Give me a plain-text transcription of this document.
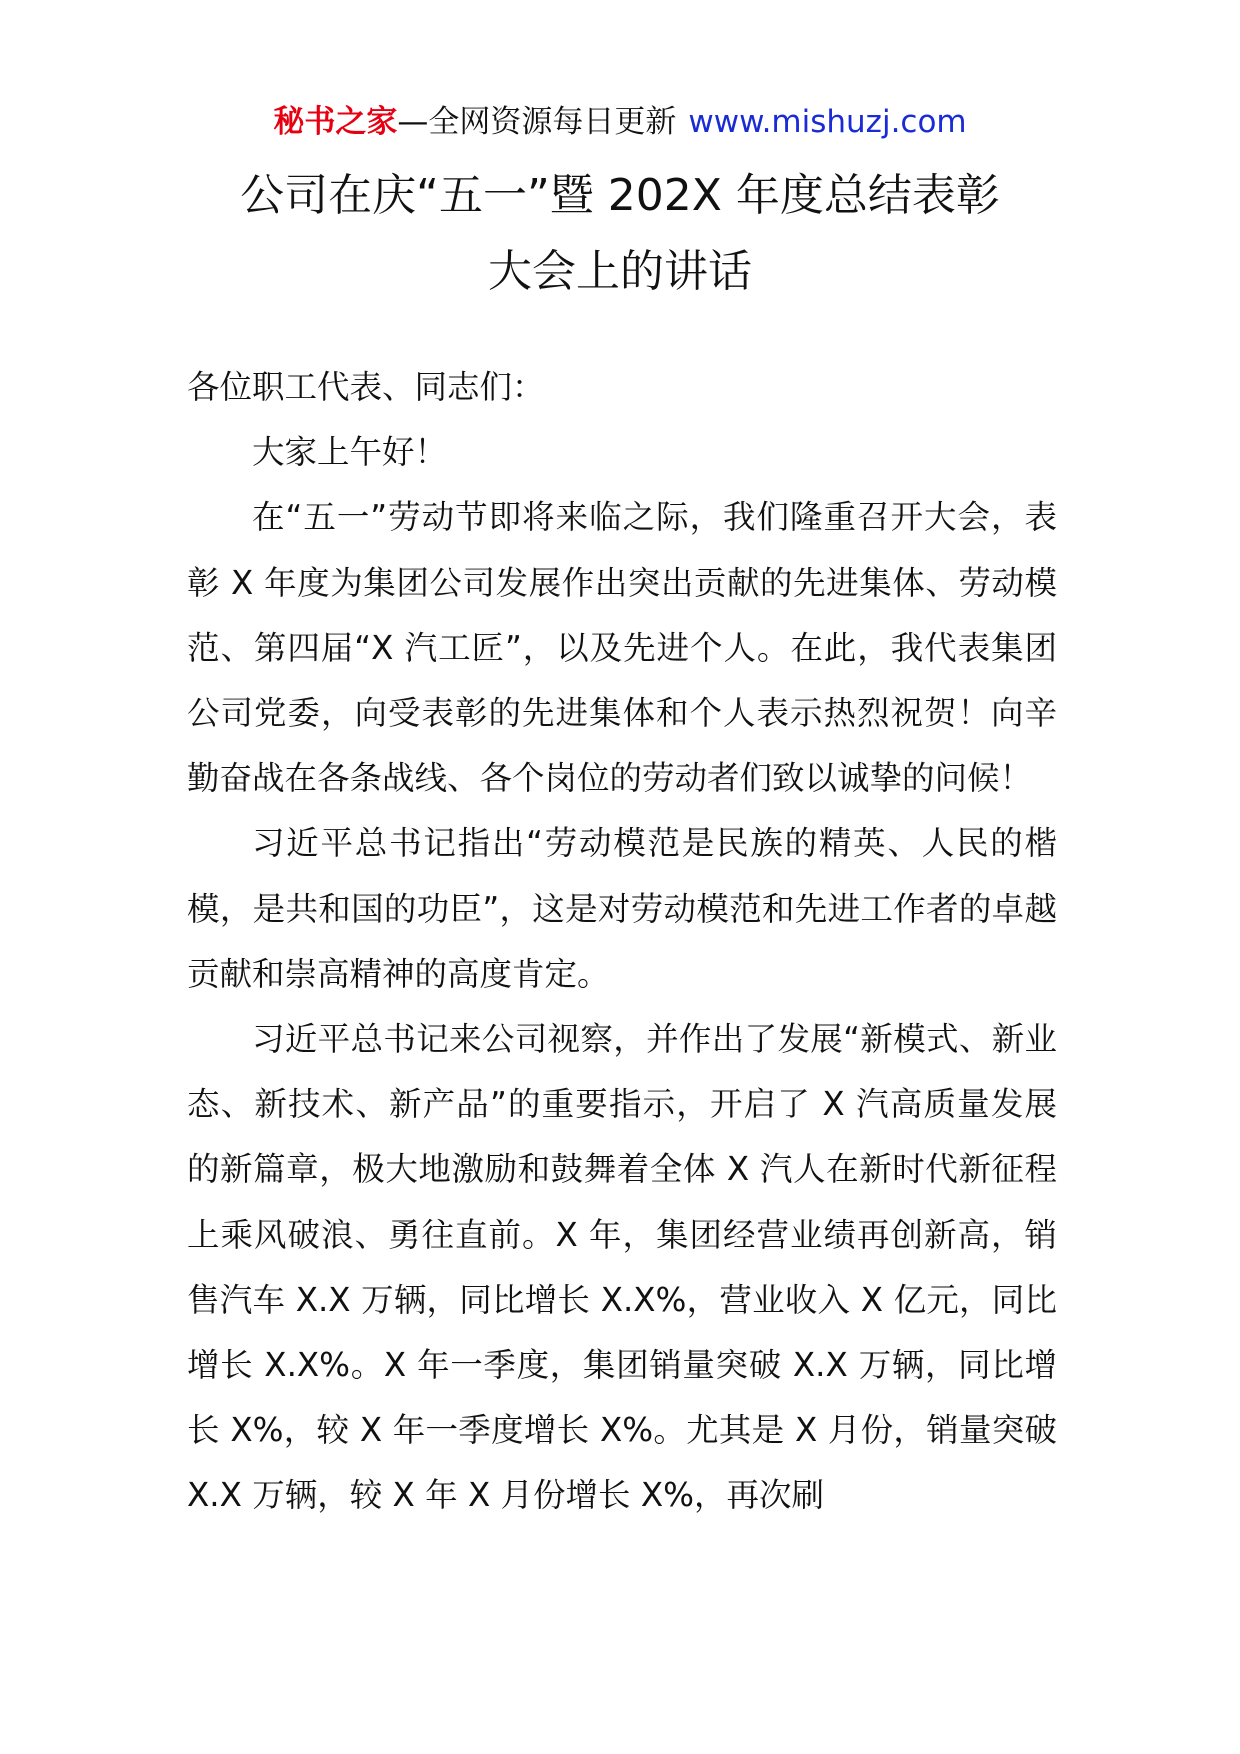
秘书之家—全网资源每日更新 www.mishuzj.com
公司在庆“五一”暨 202X 年度总结表彰
大会上的讲话

各位职工代表、同志们：

大家上午好！

在“五一”劳动节即将来临之际，我们隆重召开大会，表彰 X 年度为集团公司发展作出突出贡献的先进集体、劳动模范、第四届“X 汽工匠”，以及先进个人。在此，我代表集团公司党委，向受表彰的先进集体和个人表示热烈祝贺！向辛勤奋战在各条战线、各个岗位的劳动者们致以诚挚的问候！

习近平总书记指出“劳动模范是民族的精英、人民的楷模，是共和国的功臣”，这是对劳动模范和先进工作者的卓越贡献和崇高精神的高度肯定。

习近平总书记来公司视察，并作出了发展“新模式、新业态、新技术、新产品”的重要指示，开启了 X 汽高质量发展的新篇章，极大地激励和鼓舞着全体 X 汽人在新时代新征程上乘风破浪、勇往直前。X 年，集团经营业绩再创新高，销售汽车 X.X 万辆，同比增长 X.X%，营业收入 X 亿元，同比增长 X.X%。X 年一季度，集团销量突破 X.X 万辆，同比增长 X%，较 X 年一季度增长 X%。尤其是 X 月份，销量突破 X.X 万辆，较 X 年 X 月份增长 X%，再次刷
